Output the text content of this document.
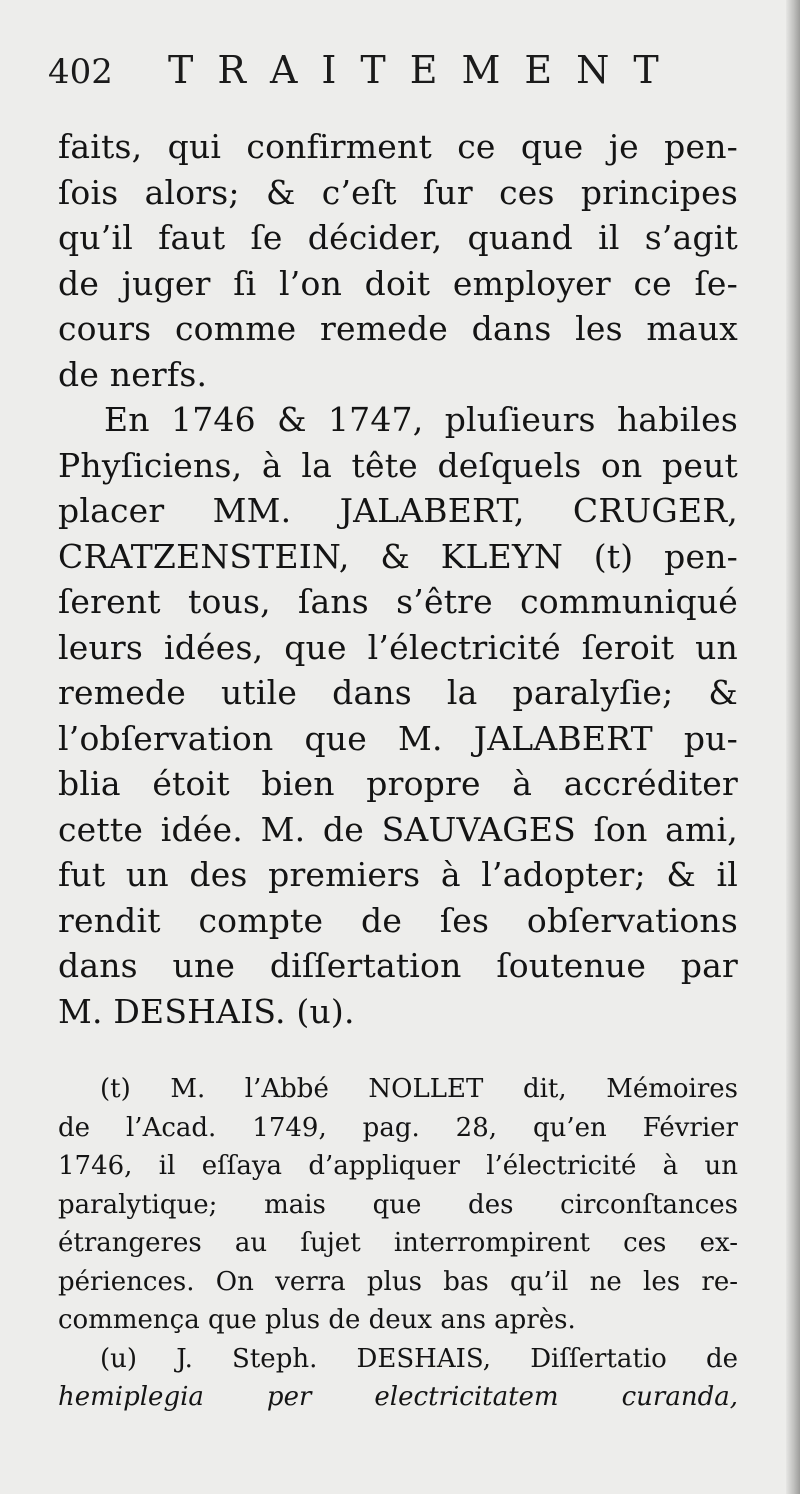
402 TRAITEMENT
faits, qui confirment ce que je pen-
ſois alors; & c’eſt ſur ces principes
qu’il faut ſe décider, quand il s’agit
de juger ſi l’on doit employer ce ſe-
cours comme remede dans les maux
de nerfs.
En 1746 & 1747, pluſieurs habiles
Phyſiciens, à la tête deſquels on peut
placer MM. JALABERT, CRUGER,
CRATZENSTEIN, & KLEYN (t) pen-
ſerent tous, ſans s’être communiqué
leurs idées, que l’électricité ſeroit un
remede utile dans la paralyſie; &
l’obſervation que M. JALABERT pu-
blia étoit bien propre à accréditer
cette idée. M. de SAUVAGES ſon ami,
fut un des premiers à l’adopter; & il
rendit compte de ſes obſervations
dans une diſſertation ſoutenue par
M. DESHAIS. (u).
(t) M. l’Abbé NOLLET dit, Mémoires
de l’Acad. 1749, pag. 28, qu’en Février
1746, il eſſaya d’appliquer l’électricité à un
paralytique; mais que des circonſtances
étrangeres au ſujet interrompirent ces ex-
périences. On verra plus bas qu’il ne les re-
commença que plus de deux ans après.
(u) J. Steph. DESHAIS, Diſſertatio de
hemiplegia per electricitatem curanda,
